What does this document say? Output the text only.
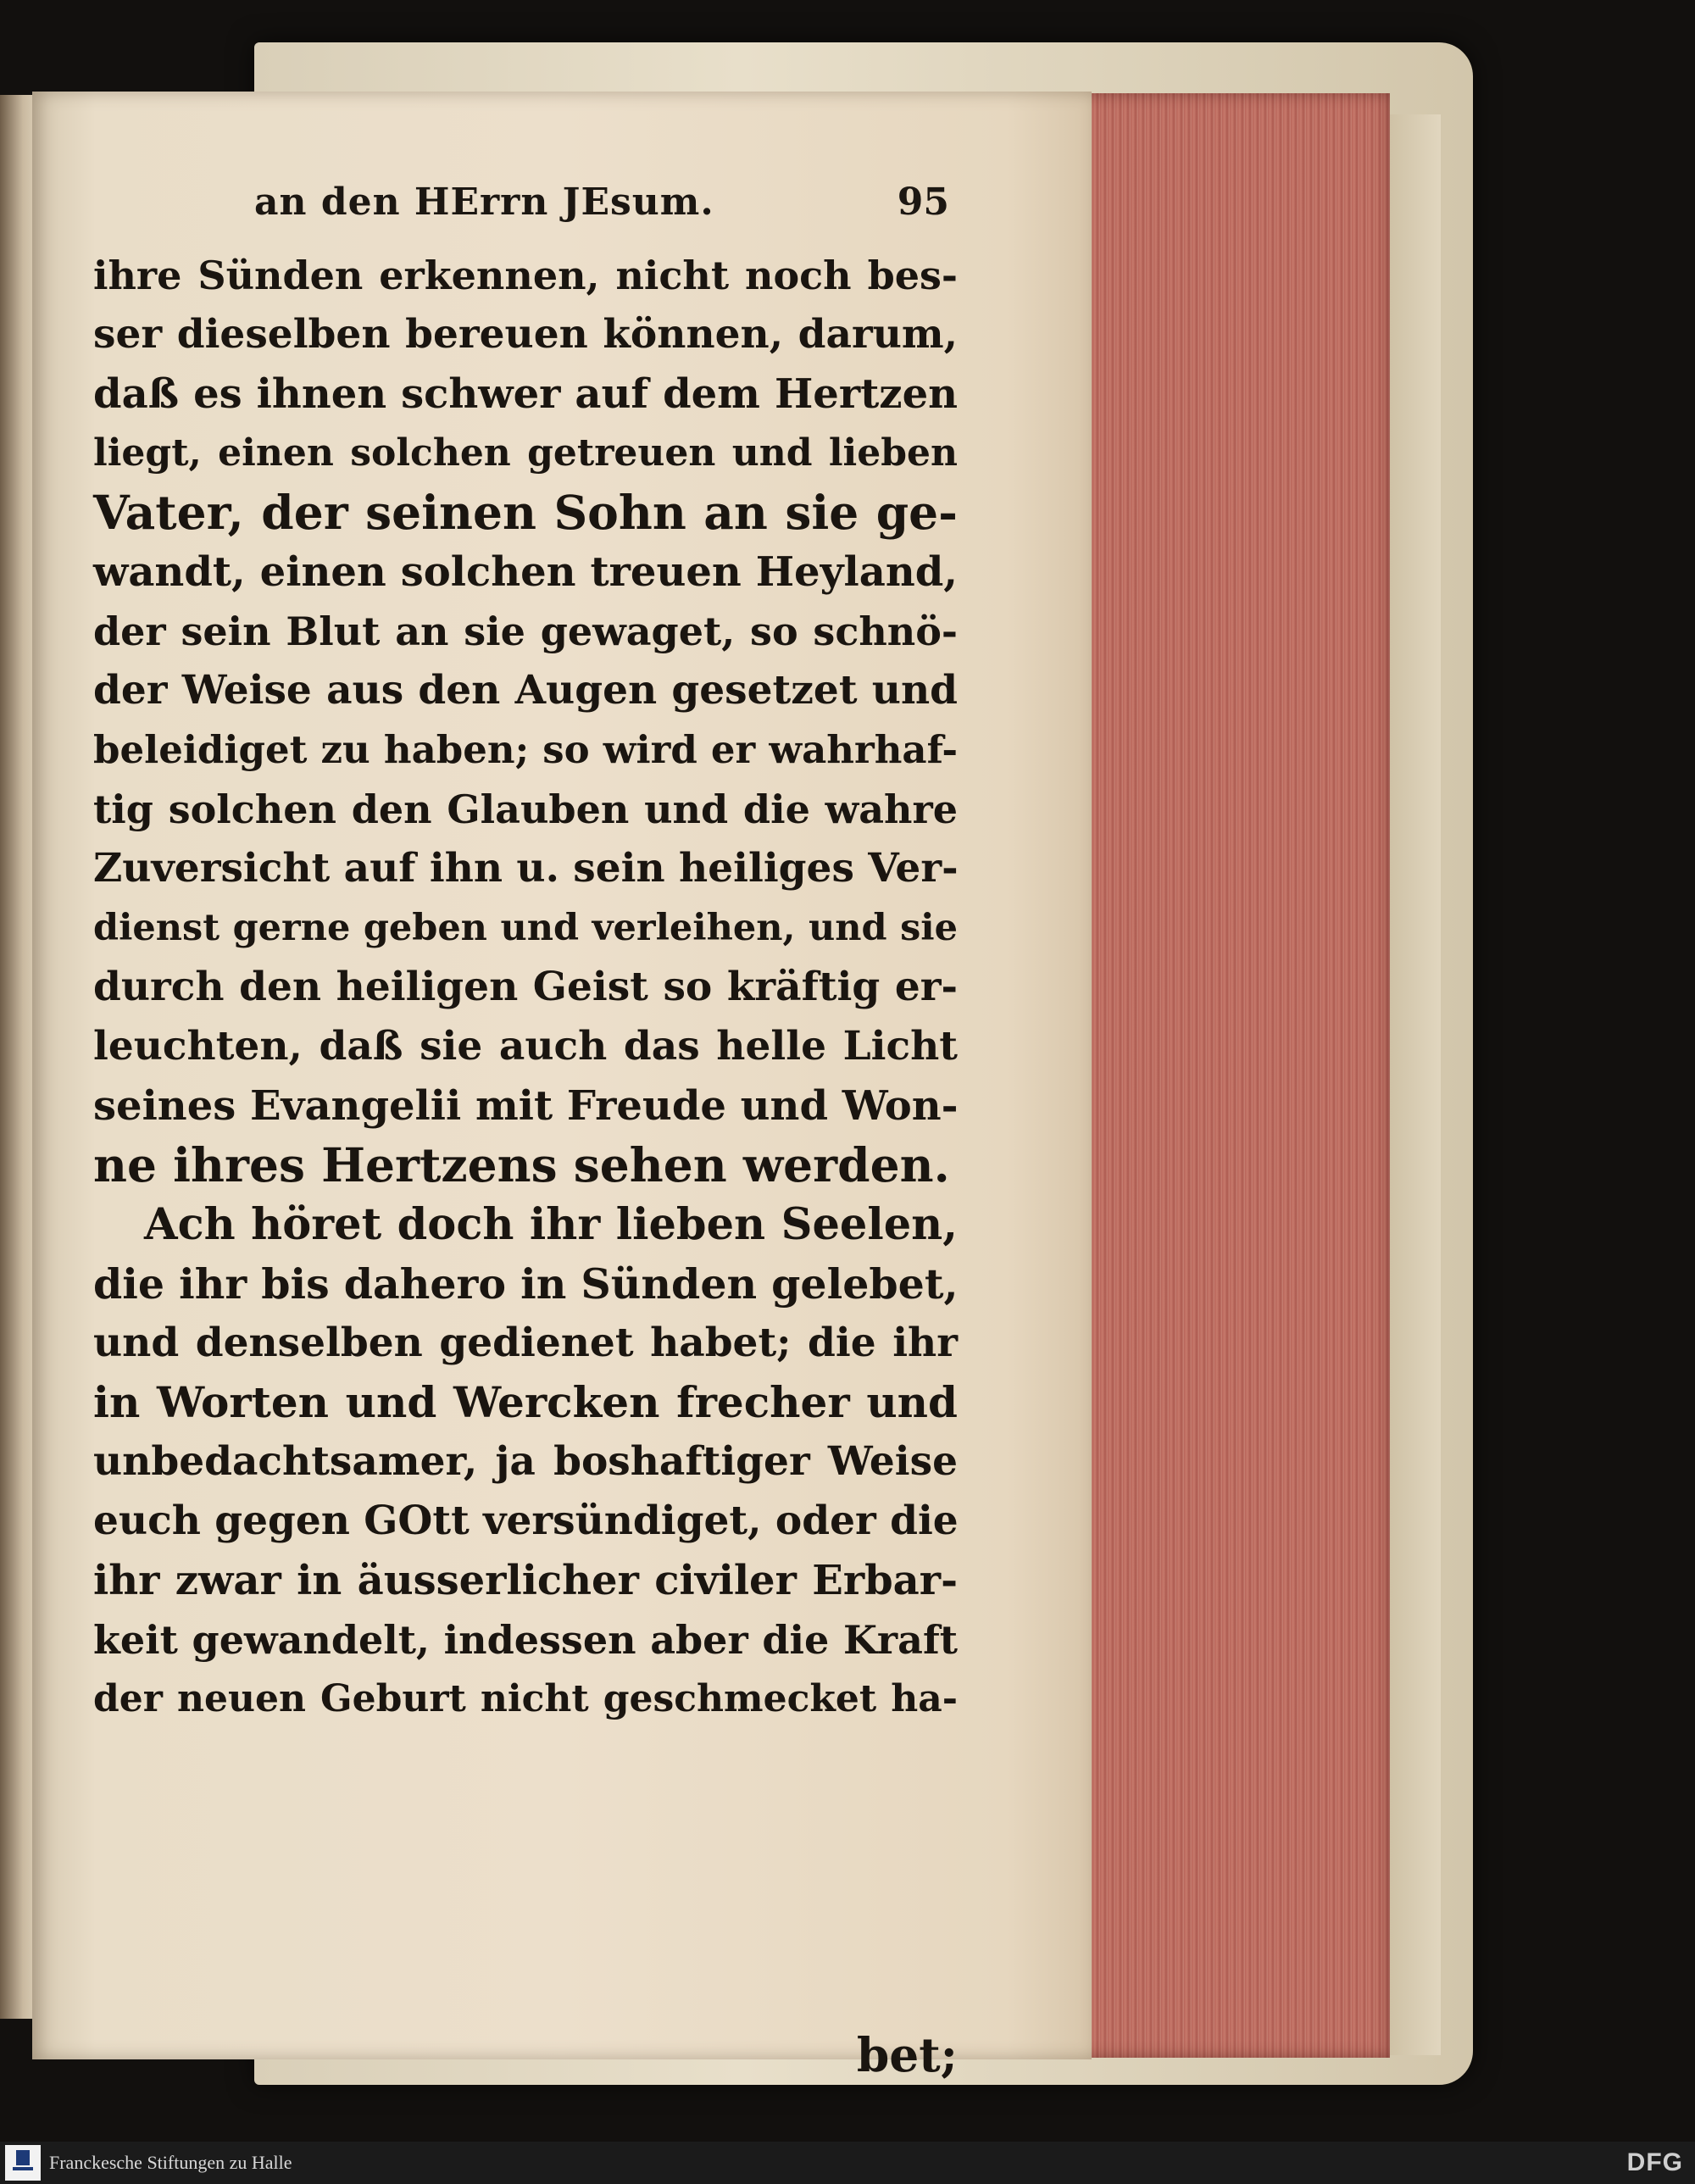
an den HErrn JEsum.	95
ihre Sünden erkennen, nicht noch bes-
ser dieselben bereuen können, darum,
daß es ihnen schwer auf dem Hertzen
liegt, einen solchen getreuen und lieben
Vater, der seinen Sohn an sie ge-
wandt, einen solchen treuen Heyland,
der sein Blut an sie gewaget, so schnö-
der Weise aus den Augen gesetzet und
beleidiget zu haben; so wird er wahrhaf-
tig solchen den Glauben und die wahre
Zuversicht auf ihn u. sein heiliges Ver-
dienst gerne geben und verleihen, und sie
durch den heiligen Geist so kräftig er-
leuchten, daß sie auch das helle Licht
seines Evangelii mit Freude und Won-
ne ihres Hertzens sehen werden.
Ach höret doch ihr lieben Seelen,
die ihr bis dahero in Sünden gelebet,
und denselben gedienet habet; die ihr
in Worten und Wercken frecher und
unbedachtsamer, ja boshaftiger Weise
euch gegen GOtt versündiget, oder die
ihr zwar in äusserlicher civiler Erbar-
keit gewandelt, indessen aber die Kraft
der neuen Geburt nicht geschmecket ha-
bet;
Franckesche Stiftungen zu Halle	DFG
